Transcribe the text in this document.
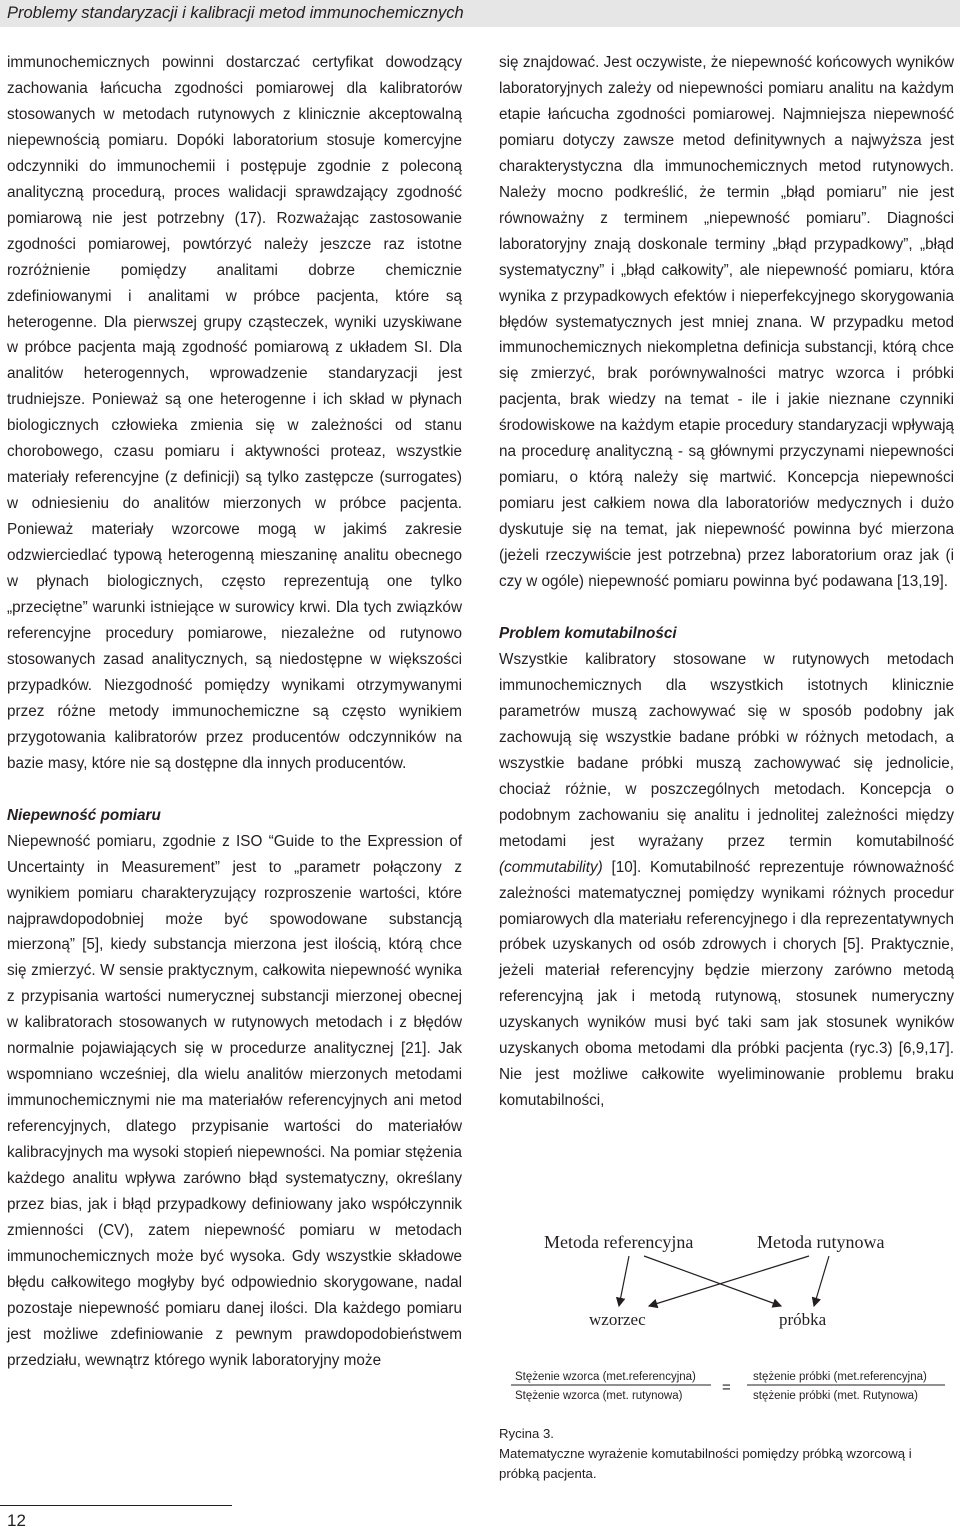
Problemy standaryzacji i kalibracji metod immunochemicznych

immunochemicznych powinni dostarczać certyfikat dowodzący zachowania łańcucha zgodności pomiarowej dla kalibratorów stosowanych w metodach rutynowych z klinicznie akceptowalną niepewnością pomiaru. Dopóki laboratorium stosuje komercyjne odczynniki do immunochemii i postępuje zgodnie z poleconą analityczną procedurą, proces walidacji sprawdzający zgodność pomiarową nie jest potrzebny (17). Rozważając zastosowanie zgodności pomiarowej, powtórzyć należy jeszcze raz istotne rozróżnienie pomiędzy analitami dobrze chemicznie zdefiniowanymi i analitami w próbce pacjenta, które są heterogenne. Dla pierwszej grupy cząsteczek, wyniki uzyskiwane w próbce pacjenta mają zgodność pomiarową z układem SI. Dla analitów heterogennych, wprowadzenie standaryzacji jest trudniejsze. Ponieważ są one heterogenne i ich skład w płynach biologicznych człowieka zmienia się w zależności od stanu chorobowego, czasu pomiaru i aktywności proteaz, wszystkie materiały referencyjne (z definicji) są tylko zastępcze (surrogates) w odniesieniu do analitów mierzonych w próbce pacjenta. Ponieważ materiały wzorcowe mogą w jakimś zakresie odzwierciedlać typową heterogenną mieszaninę analitu obecnego w płynach biologicznych, często reprezentują one tylko „przeciętne” warunki istniejące w surowicy krwi. Dla tych związków referencyjne procedury pomiarowe, niezależne od rutynowo stosowanych zasad analitycznych, są niedostępne w większości przypadków. Niezgodność pomiędzy wynikami otrzymywanymi przez różne metody immunochemiczne są często wynikiem przygotowania kalibratorów przez producentów odczynników na bazie masy, które nie są dostępne dla innych producentów.

Niepewność pomiaru

Niepewność pomiaru, zgodnie z ISO “Guide to the Expression of Uncertainty in Measurement” jest to „parametr połączony z wynikiem pomiaru charakteryzujący rozproszenie wartości, które najprawdopodobniej może być spowodowane substancją mierzoną” [5], kiedy substancja mierzona jest ilością, którą chce się zmierzyć. W sensie praktycznym, całkowita niepewność wynika z przypisania wartości numerycznej substancji mierzonej obecnej w kalibratorach stosowanych w rutynowych metodach i z błędów normalnie pojawiających się w procedurze analitycznej [21]. Jak wspomniano wcześniej, dla wielu analitów mierzonych metodami immunochemicznymi nie ma materiałów referencyjnych ani metod referencyjnych, dlatego przypisanie wartości do materiałów kalibracyjnych ma wysoki stopień niepewności. Na pomiar stężenia każdego analitu wpływa zarówno błąd systematyczny, określany przez bias, jak i błąd przypadkowy definiowany jako współczynnik zmienności (CV), zatem niepewność pomiaru w metodach immunochemicznych może być wysoka. Gdy wszystkie składowe błędu całkowitego mogłyby być odpowiednio skorygowane, nadal pozostaje niepewność pomiaru danej ilości. Dla każdego pomiaru jest możliwe zdefiniowanie z pewnym prawdopodobieństwem przedziału, wewnątrz którego wynik laboratoryjny może

się znajdować. Jest oczywiste, że niepewność końcowych wyników laboratoryjnych zależy od niepewności pomiaru analitu na każdym etapie łańcucha zgodności pomiarowej. Najmniejsza niepewność pomiaru dotyczy zawsze metod definitywnych a najwyższa jest charakterystyczna dla immunochemicznych metod rutynowych. Należy mocno podkreślić, że termin „błąd pomiaru” nie jest równoważny z terminem „niepewność pomiaru”. Diagności laboratoryjny znają doskonale terminy „błąd przypadkowy”, „błąd systematyczny” i „błąd całkowity”, ale niepewność pomiaru, która wynika z przypadkowych efektów i nieperfekcyjnego skorygowania błędów systematycznych jest mniej znana. W przypadku metod immunochemicznych niekompletna definicja substancji, którą chce się zmierzyć, brak porównywalności matryc wzorca i próbki pacjenta, brak wiedzy na temat - ile i jakie nieznane czynniki środowiskowe na każdym etapie procedury standaryzacji wpływają na procedurę analityczną - są głównymi przyczynami niepewności pomiaru, o którą należy się martwić. Koncepcja niepewności pomiaru jest całkiem nowa dla laboratoriów medycznych i dużo dyskutuje się na temat, jak niepewność powinna być mierzona (jeżeli rzeczywiście jest potrzebna) przez laboratorium oraz jak (i czy w ogóle) niepewność pomiaru powinna być podawana [13,19].

Problem komutabilności

Wszystkie kalibratory stosowane w rutynowych metodach immunochemicznych dla wszystkich istotnych klinicznie parametrów muszą zachowywać się w sposób podobny jak zachowują się wszystkie badane próbki w różnych metodach, a wszystkie badane próbki muszą zachowywać się jednolicie, chociaż różnie, w poszczególnych metodach. Koncepcja o podobnym zachowaniu się analitu i jednolitej zależności między metodami jest wyrażany przez termin komutabilność (commutability) [10]. Komutabilność reprezentuje równoważność zależności matematycznej pomiędzy wynikami różnych procedur pomiarowych dla materiału referencyjnego i dla reprezentatywnych próbek uzyskanych od osób zdrowych i chorych [5]. Praktycznie, jeżeli materiał referencyjny będzie mierzony zarówno metodą referencyjną jak i metodą rutynową, stosunek numeryczny uzyskanych wyników musi być taki sam jak stosunek wyników uzyskanych oboma metodami dla próbki pacjenta (ryc.3) [6,9,17]. Nie jest możliwe całkowite wyeliminowanie problemu braku komutabilności,

Metoda referencyjna	Metoda rutynowa
wzorzec	próbka
Stężenie wzorca (met.referencyjna)
Stężenie wzorca (met. rutynowa)	=
stężenie próbki (met.referencyjna)
stężenie próbki (met. Rutynowa)

Rycina 3.

Matematyczne wyrażenie komutabilności pomiędzy próbką wzorcową i próbką pacjenta.

12
